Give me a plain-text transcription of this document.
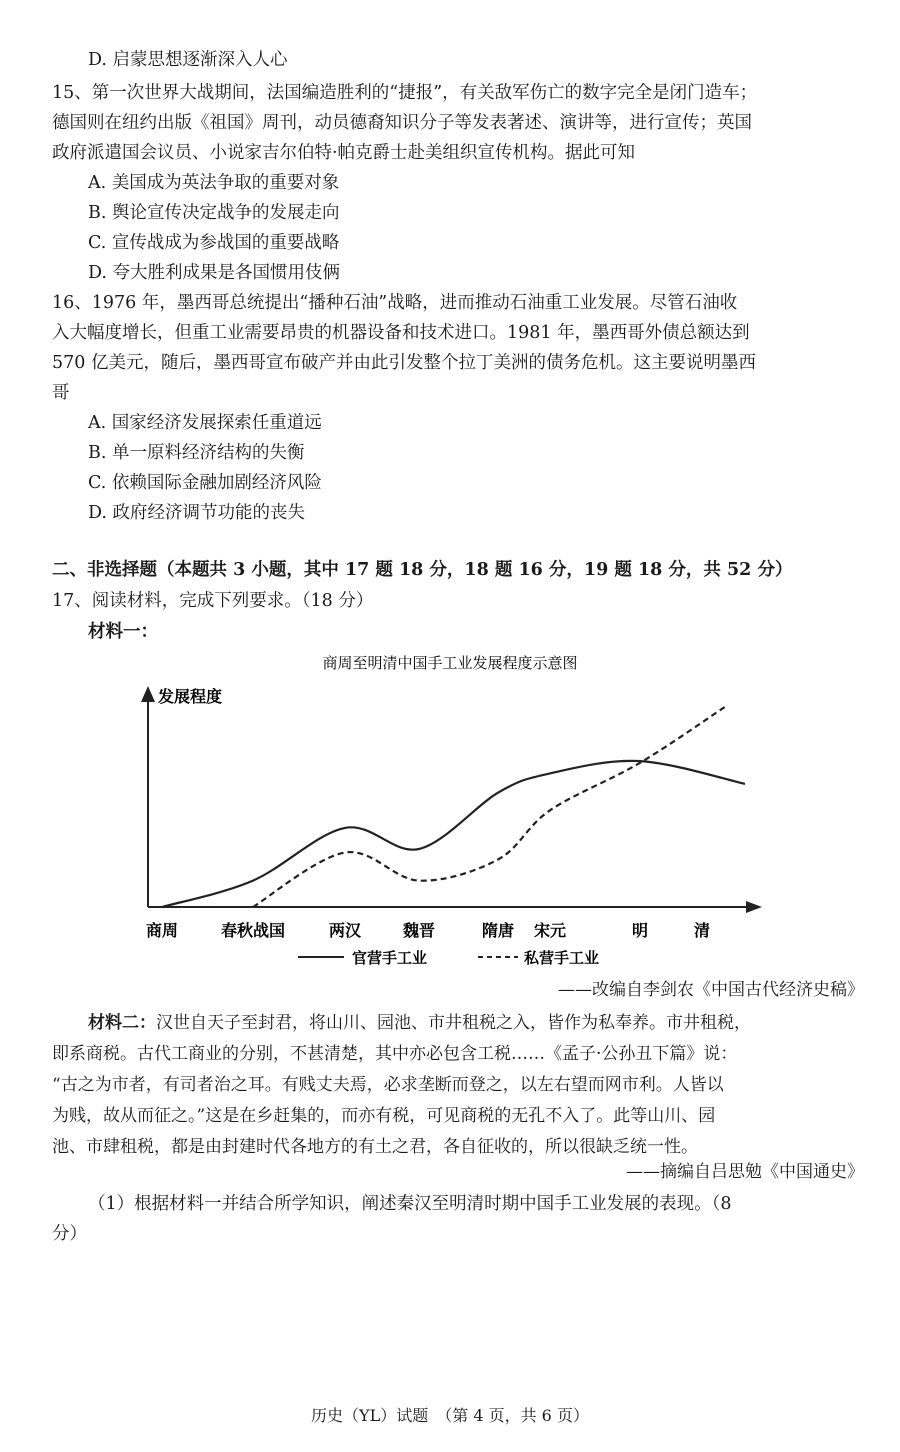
D. 启蒙思想逐渐深入人心
15、第一次世界大战期间，法国编造胜利的“捷报”，有关敌军伤亡的数字完全是闭门造车；
德国则在纽约出版《祖国》周刊，动员德裔知识分子等发表著述、演讲等，进行宣传；英国
政府派遣国会议员、小说家吉尔伯特·帕克爵士赴美组织宣传机构。据此可知
A. 美国成为英法争取的重要对象
B. 舆论宣传决定战争的发展走向
C. 宣传战成为参战国的重要战略
D. 夸大胜利成果是各国惯用伎俩
16、1976 年，墨西哥总统提出“播种石油”战略，进而推动石油重工业发展。尽管石油收
入大幅度增长，但重工业需要昂贵的机器设备和技术进口。1981 年，墨西哥外债总额达到
570 亿美元，随后，墨西哥宣布破产并由此引发整个拉丁美洲的债务危机。这主要说明墨西
哥
A. 国家经济发展探索任重道远
B. 单一原料经济结构的失衡
C. 依赖国际金融加剧经济风险
D. 政府经济调节功能的丧失
二、非选择题（本题共 3 小题，其中 17 题 18 分，18 题 16 分，19 题 18 分，共 52 分）
17、阅读材料，完成下列要求。（18 分）
材料一：
商周至明清中国手工业发展程度示意图
发展程度
商周	春秋战国	两汉	魏晋	隋唐 宋元	明	清
官营手工业	私营手工业
——改编自李剑农《中国古代经济史稿》
材料二：汉世自天子至封君，将山川、园池、市井租税之入，皆作为私奉养。市井租税，
即系商税。古代工商业的分别，不甚清楚，其中亦必包含工税……《孟子·公孙丑下篇》说：
“古之为市者，有司者治之耳。有贱丈夫焉，必求垄断而登之，以左右望而网市利。人皆以
为贱，故从而征之。”这是在乡赶集的，而亦有税，可见商税的无孔不入了。此等山川、园
池、市肆租税，都是由封建时代各地方的有土之君，各自征收的，所以很缺乏统一性。
——摘编自吕思勉《中国通史》
（1）根据材料一并结合所学知识，阐述秦汉至明清时期中国手工业发展的表现。（8
分）
历史（YL）试题　（第 4 页，共 6 页）
